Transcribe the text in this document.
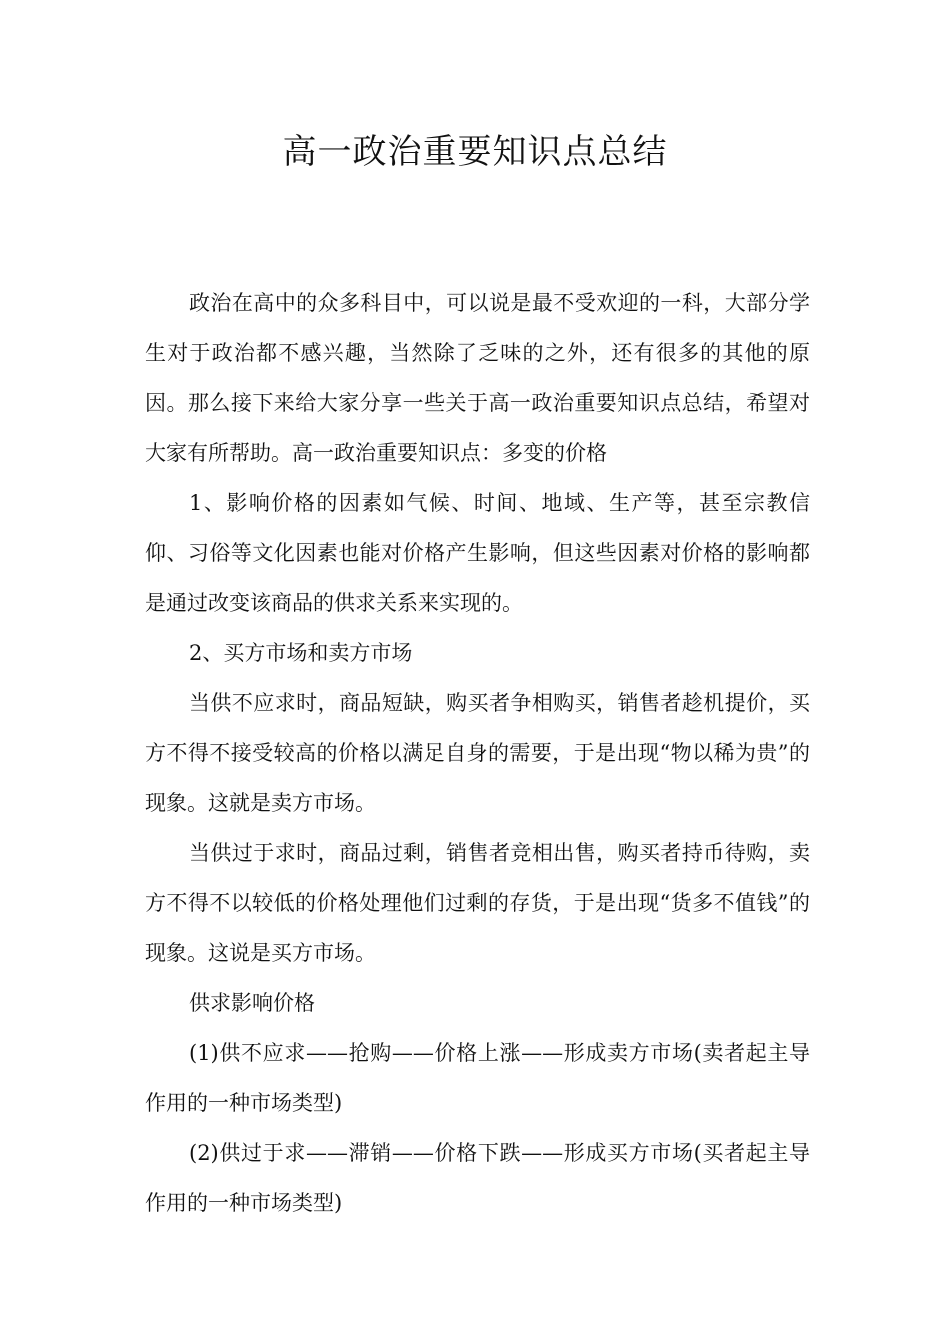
高一政治重要知识点总结

政治在高中的众多科目中，可以说是最不受欢迎的一科，大部分学生对于政治都不感兴趣，当然除了乏味的之外，还有很多的其他的原因。那么接下来给大家分享一些关于高一政治重要知识点总结，希望对大家有所帮助。高一政治重要知识点：多变的价格

1、影响价格的因素如气候、时间、地域、生产等，甚至宗教信仰、习俗等文化因素也能对价格产生影响，但这些因素对价格的影响都是通过改变该商品的供求关系来实现的。

2、买方市场和卖方市场

当供不应求时，商品短缺，购买者争相购买，销售者趁机提价，买方不得不接受较高的价格以满足自身的需要，于是出现“物以稀为贵”的现象。这就是卖方市场。

当供过于求时，商品过剩，销售者竞相出售，购买者持币待购，卖方不得不以较低的价格处理他们过剩的存货，于是出现“货多不值钱”的现象。这说是买方市场。

供求影响价格

(1)供不应求——抢购——价格上涨——形成卖方市场(卖者起主导作用的一种市场类型)

(2)供过于求——滞销——价格下跌——形成买方市场(买者起主导作用的一种市场类型)
